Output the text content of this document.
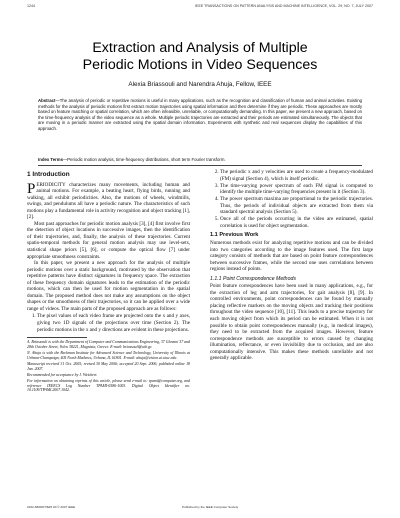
1244	IEEE TRANSACTIONS ON PATTERN ANALYSIS AND MACHINE INTELLIGENCE, VOL. 29, NO. 7, JULY 2007
Extraction and Analysis of Multiple
Periodic Motions in Video Sequences
Alexia Briassouli and Narendra Ahuja, Fellow, IEEE
Abstract—The analysis of periodic or repetitive motions is useful in many applications, such as the recognition and classification of human and animal activities. Existing methods for the analysis of periodic motions first extract motion trajectories using spatial information and then determine if they are periodic. These approaches are mostly based on feature matching or spatial correlation, which are often infeasible, unreliable, or computationally demanding. In this paper, we present a new approach, based on the time-frequency analysis of the video sequence as a whole. Multiple periodic trajectories are extracted and their periods are estimated simultaneously. The objects that are moving in a periodic manner are extracted using the spatial domain information. Experiments with synthetic and real sequences display the capabilities of this approach.
Index Terms—Periodic motion analysis, time-frequency distributions, short term Fourier transform.
1 Introduction

PERIODICITY characterizes many movements, including human and animal motions. For example, a beating heart, flying birds, running and walking, all exhibit periodicities. Also, the motions of wheels, windmills, swings, and pendulums all have a periodic nature. The characteristics of such motions play a fundamental role in activity recognition and object tracking [1], [2].

Most past approaches for periodic motion analysis [3], [4] first involve first the detection of object locations in successive images, then the identification of their trajectories, and, finally, the analysis of these trajectories. Current spatio-temporal methods for general motion analysis may use level-sets, statistical shape priors [5], [6], or compute the optical flow [7] under appropriate smoothness constraints.

In this paper, we present a new approach for the analysis of multiple periodic motions over a static background, motivated by the observation that repetitive patterns have distinct signatures in frequency space. The extraction of these frequency domain signatures leads to the estimation of the periodic motions, which can then be used for motion segmentation in the spatial domain. The proposed method does not make any assumptions on the object shapes or the smoothness of their trajectories, so it can be applied over a wide range of videos. The main parts of the proposed approach are as follows:

1. The pixel values of each video frame are projected onto the x and y axes, giving two 1D signals of the projections over time (Section 2). The periodic motions in the x and y directions are evident in these projections.

A. Briassouli is with the Department of Computer and Communications Engineering, 37 Glavani 37 and 28th October Street, Volos 38221, Magnisia, Greece. E-mail: briassouli@uth.gr.

N. Ahuja is with the Beckman Institute for Advanced Science and Technology, University of Illinois at Urbana-Champaign, 405 North Mathews, Urbana, IL 61801. E-mail: ahuja@vision.ai.uiuc.edu.

Manuscript received 31 Oct. 2005; revised 30 May 2006; accepted 20 Sept. 2006; published online 18 Jan. 2007.

Recommended for acceptance by J. Weickert.

For information on obtaining reprints of this article, please send e-mail to: tpami@computer.org, and reference IEEECS Log Number TPAMI-0586-1005. Digital Object Identifier no. 10.1109/TPAMI.2007.1042.

2. The periodic x and y velocities are used to create a frequency-modulated (FM) signal (Section 4), which is itself periodic.
3. The time-varying power spectrum of each FM signal is computed to identify the multiple time-varying frequencies present in it (Section 3).
4. The power spectrum maxima are proportional to the periodic trajectories. Thus, the periods of individual objects are extracted from them via standard spectral analysis (Section 5).
5. Once all of the periods occurring in the video are estimated, spatial correlation is used for object segmentation.
1.1 Previous Work

Numerous methods exist for analyzing repetitive motions and can be divided into two categories according to the image features used. The first large category consists of methods that are based on point feature correspondences between successive frames, while the second one uses correlations between regions instead of points.

1.1.1 Point Correspondence Methods

Point feature correspondences have been used in many applications, e.g., for the extraction of leg and arm trajectories, for gait analysis [8], [9]. In controlled environments, point correspondences can be found by manually placing reflective markers on the moving objects and tracking their positions throughout the video sequence [10], [11]. This leads to a precise trajectory for each moving object from which its period can be estimated. When it is not possible to obtain point correspondences manually (e.g., in medical images), they need to be extracted from the acquired images. However, feature correspondence methods are susceptible to errors caused by changing illumination, reflectance, or even invisibility due to occlusion, and are also computationally intensive. This makes these methods unreliable and not generally applicable.

0162-8828/07/$25.00 © 2007 IEEE	Published by the IEEE Computer Society
